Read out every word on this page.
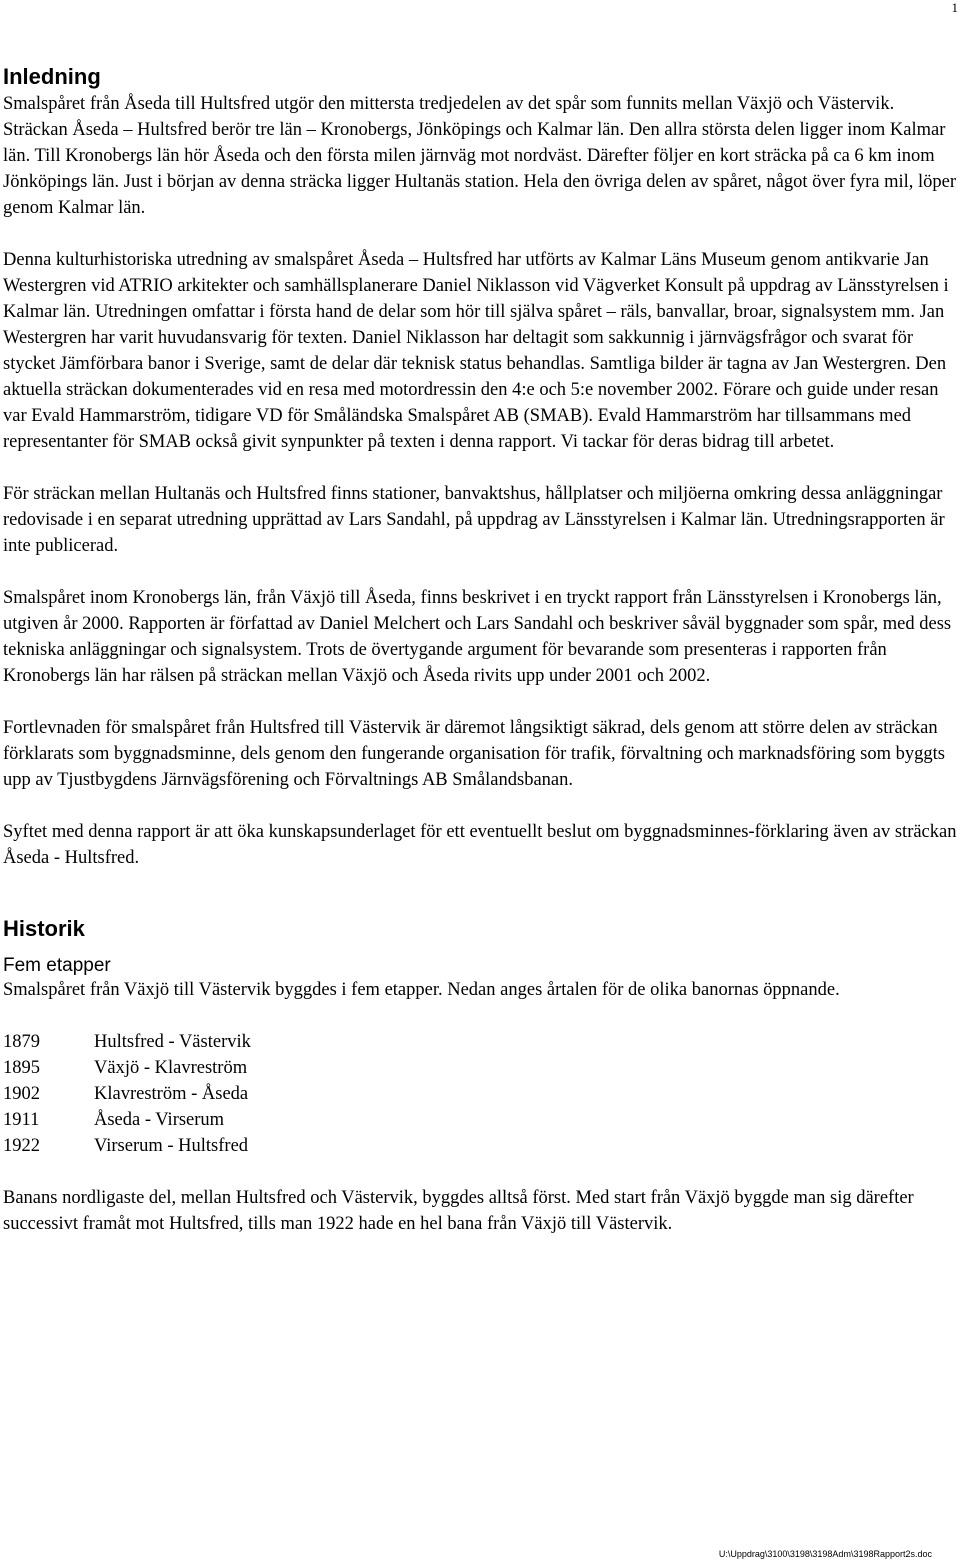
1
Inledning

Smalspåret från Åseda till Hultsfred utgör den mittersta tredjedelen av det spår som funnits mellan Växjö och Västervik. Sträckan Åseda – Hultsfred berör tre län – Kronobergs, Jönköpings och Kalmar län. Den allra största delen ligger inom Kalmar län. Till Kronobergs län hör Åseda och den första milen järnväg mot nordväst. Därefter följer en kort sträcka på ca 6 km inom Jönköpings län. Just i början av denna sträcka ligger Hultanäs station. Hela den övriga delen av spåret, något över fyra mil, löper genom Kalmar län.

Denna kulturhistoriska utredning av smalspåret Åseda – Hultsfred har utförts av Kalmar Läns Museum genom antikvarie Jan Westergren vid ATRIO arkitekter och samhällsplanerare Daniel Niklasson vid Vägverket Konsult på uppdrag av Länsstyrelsen i Kalmar län. Utredningen omfattar i första hand de delar som hör till själva spåret – räls, banvallar, broar, signalsystem mm. Jan Westergren har varit huvudansvarig för texten. Daniel Niklasson har deltagit som sakkunnig i järnvägsfrågor och svarat för stycket Jämförbara banor i Sverige, samt de delar där teknisk status behandlas. Samtliga bilder är tagna av Jan Westergren. Den aktuella sträckan dokumenterades vid en resa med motordressin den 4:e och 5:e november 2002. Förare och guide under resan var Evald Hammarström, tidigare VD för Småländska Smalspåret AB (SMAB). Evald Hammarström har tillsammans med representanter för SMAB också givit synpunkter på texten i denna rapport. Vi tackar för deras bidrag till arbetet.

För sträckan mellan Hultanäs och Hultsfred finns stationer, banvaktshus, hållplatser och miljöerna omkring dessa anläggningar redovisade i en separat utredning upprättad av Lars Sandahl, på uppdrag av Länsstyrelsen i Kalmar län. Utredningsrapporten är inte publicerad.

Smalspåret inom Kronobergs län, från Växjö till Åseda, finns beskrivet i en tryckt rapport från Länsstyrelsen i Kronobergs län, utgiven år 2000. Rapporten är författad av Daniel Melchert och Lars Sandahl och beskriver såväl byggnader som spår, med dess tekniska anläggningar och signalsystem. Trots de övertygande argument för bevarande som presenteras i rapporten från Kronobergs län har rälsen på sträckan mellan Växjö och Åseda rivits upp under 2001 och 2002.

Fortlevnaden för smalspåret från Hultsfred till Västervik är däremot långsiktigt säkrad, dels genom att större delen av sträckan förklarats som byggnadsminne, dels genom den fungerande organisation för trafik, förvaltning och marknadsföring som byggts upp av Tjustbygdens Järnvägsförening och Förvaltnings AB Smålandsbanan.

Syftet med denna rapport är att öka kunskapsunderlaget för ett eventuellt beslut om byggnadsminnes-förklaring även av sträckan Åseda - Hultsfred.

Historik
Fem etapper

Smalspåret från Växjö till Västervik byggdes i fem etapper. Nedan anges årtalen för de olika banornas öppnande.

1879	Hultsfred - Västervik
1895	Växjö - Klavreström
1902	Klavreström - Åseda
1911	Åseda - Virserum
1922	Virserum - Hultsfred

Banans nordligaste del, mellan Hultsfred och Västervik, byggdes alltså först. Med start från Växjö byggde man sig därefter successivt framåt mot Hultsfred, tills man 1922 hade en hel bana från Växjö till Västervik.

U:\Uppdrag\3100\3198\3198Adm\3198Rapport2s.doc
